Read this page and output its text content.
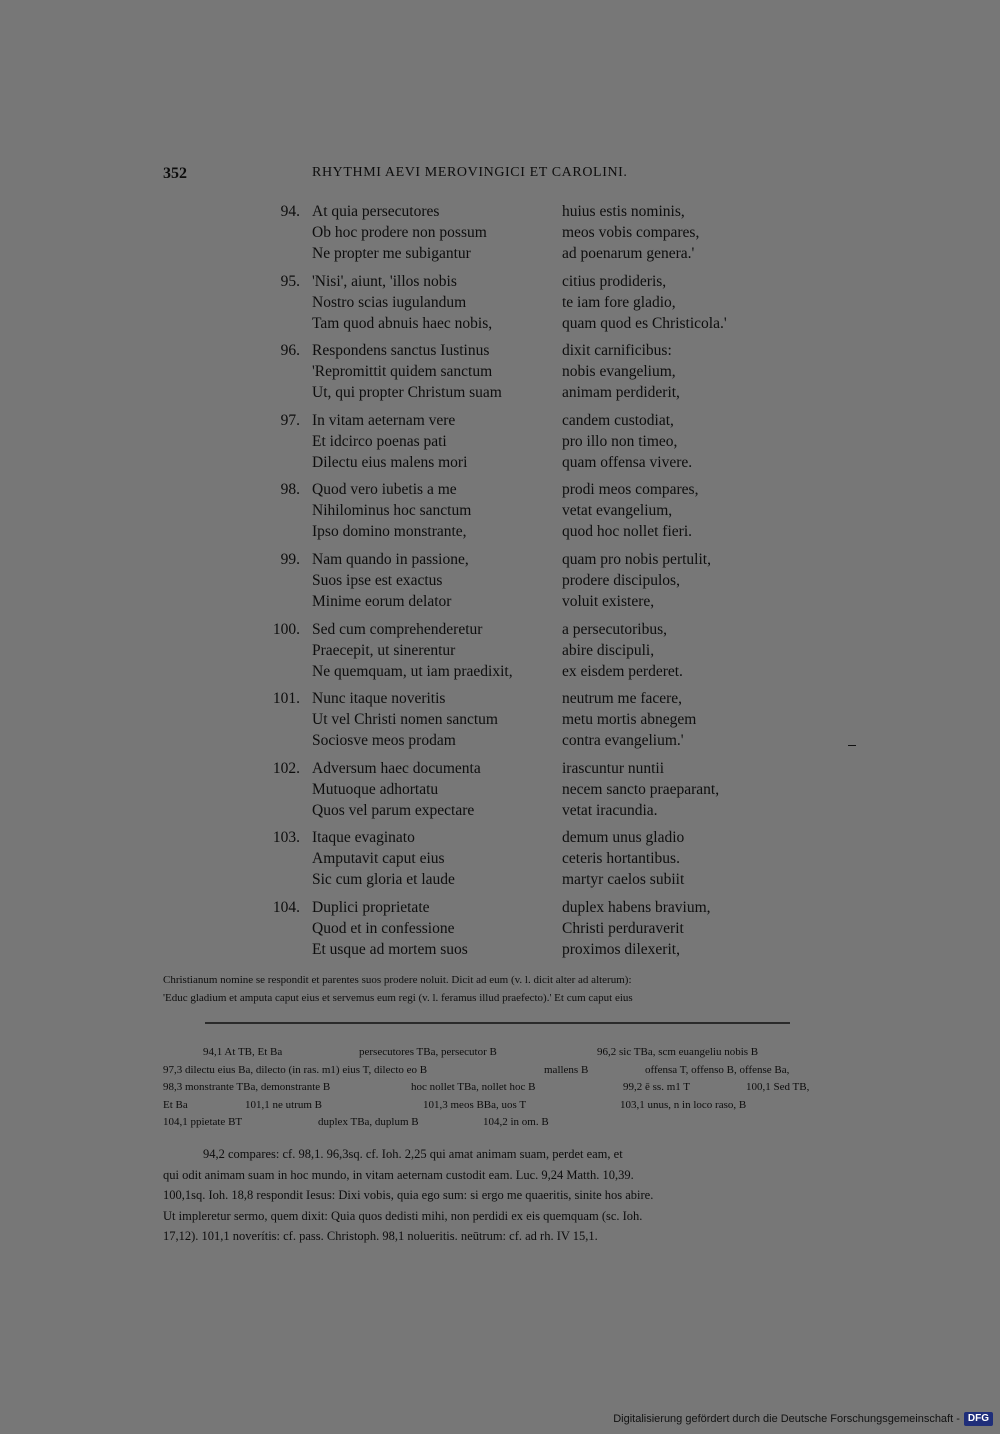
352	RHYTHMI AEVI MEROVINGICI ET CAROLINI.
94. At quia persecutores	huius estis nominis,
Ob hoc prodere non possum	meos vobis compares,
Ne propter me subigantur	ad poenarum genera.'
95. 'Nisi', aiunt, 'illos nobis	citius prodideris,
Nostro scias iugulandum	te iam fore gladio,
Tam quod abnuis haec nobis,	quam quod es Christicola.'
96. Respondens sanctus Iustinus	dixit carnificibus:
'Repromittit quidem sanctum	nobis evangelium,
Ut, qui propter Christum suam	animam perdiderit,
97. In vitam aeternam vere	candem custodiat,
Et idcirco poenas pati	pro illo non timeo,
Dilectu eius malens mori	quam offensa vivere.
98. Quod vero iubetis a me	prodi meos compares,
Nihilominus hoc sanctum	vetat evangelium,
Ipso domino monstrante,	quod hoc nollet fieri.
99. Nam quando in passione,	quam pro nobis pertulit,
Suos ipse est exactus	prodere discipulos,
Minime eorum delator	voluit existere,
100. Sed cum comprehenderetur	a persecutoribus,
Praecepit, ut sinerentur	abire discipuli,
Ne quemquam, ut iam praedixit,	ex eisdem perderet.
101. Nunc itaque noveritis	neutrum me facere,
Ut vel Christi nomen sanctum	metu mortis abnegem
Sociosve meos prodam	contra evangelium.'
102. Adversum haec documenta	irascuntur nuntii
Mutuoque adhortatu	necem sancto praeparant,
Quos vel parum expectare	vetat iracundia.
103. Itaque evaginato	demum unus gladio
Amputavit caput eius	ceteris hortantibus.
Sic cum gloria et laude	martyr caelos subiit
104. Duplici proprietate	duplex habens bravium,
Quod et in confessione	Christi perduraverit
Et usque ad mortem suos	proximos dilexerit,
Christianum nomine se respondit et parentes suos prodere noluit. Dicit ad eum (v. l. dicit alter ad alterum):
'Educ gladium et amputa caput eius et servemus eum regi (v. l. feramus illud praefecto).' Et cum caput eius
94,1 At TB, Et Ba	persecutores TBa, persecutor B	96,2 sic TBa, scm euangeliu nobis B
97,3 dilectu eius Ba, dilecto (in ras. m1) eius T, dilecto eo B	mallens B	offensa T, offenso B, offense Ba,
98,3 monstrante TBa, demonstrante B	hoc nollet TBa, nollet hoc B	99,2 ē ss. m1 T	100,1 Sed TB,
Et Ba	101,1 ne utrum B	101,3 meos BBa, uos T	103,1 unus, n in loco raso, B
104,1 ppietate BT	duplex TBa, duplum B	104,2 in om. B
94,2 compares: cf. 98,1. 96,3sq. cf. Ioh. 2,25 qui amat animam suam, perdet eam, et
qui odit animam suam in hoc mundo, in vitam aeternam custodit eam. Luc. 9,24 Matth. 10,39.
100,1sq. Ioh. 18,8 respondit Iesus: Dixi vobis, quia ego sum: si ergo me quaeritis, sinite hos abire.
Ut impleretur sermo, quem dixit: Quia quos dedisti mihi, non perdidi ex eis quemquam (sc. Ioh.
17,12). 101,1 noverítis: cf. pass. Christoph. 98,1 nolueritis. neūtrum: cf. ad rh. IV 15,1.
Digitalisierung gefördert durch die Deutsche Forschungsgemeinschaft - DFG
